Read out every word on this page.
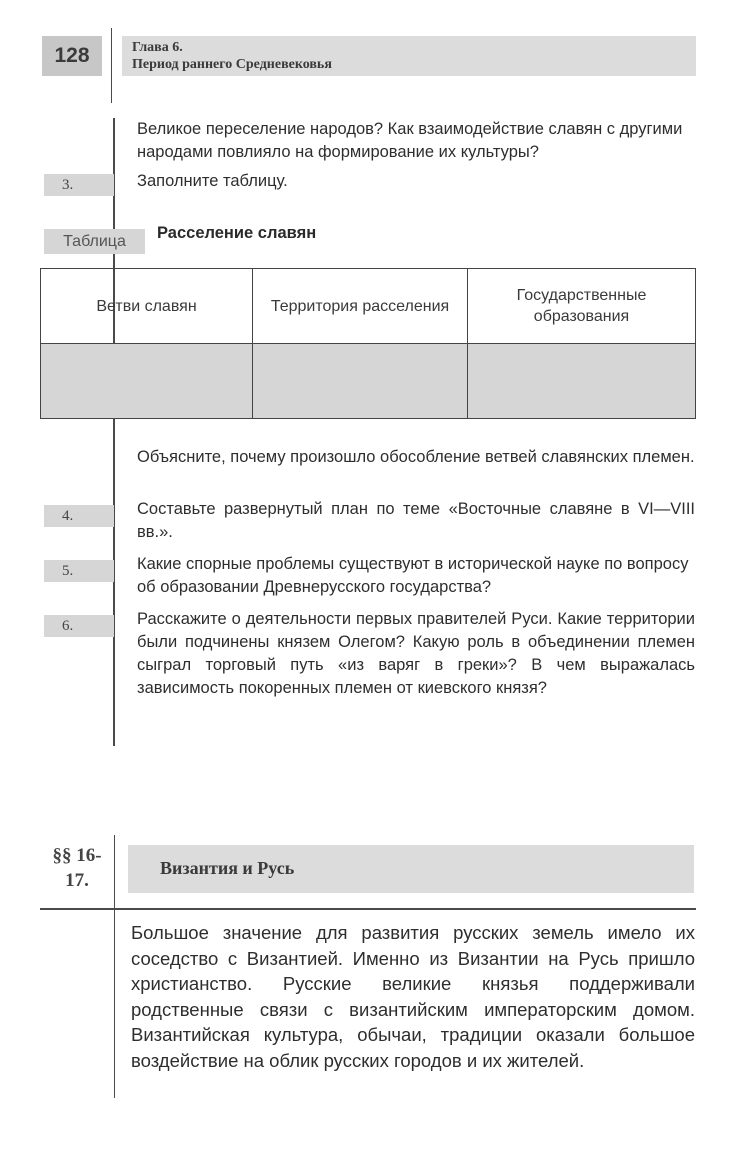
128	Глава 6.
Период раннего Средневековья
Великое переселение народов? Как взаимодействие славян с другими народами повлияло на формирование их культуры?
3.	Заполните таблицу.
Таблица	Расселение славян
Ветви славян	Территория расселения	Государственные образования

Объясните, почему произошло обособление ветвей славянских племен.
4.	Составьте развернутый план по теме «Восточные славяне в VI—VIII вв.».
5.	Какие спорные проблемы существуют в исторической науке по вопросу об образовании Древнерусского государства?
6.	Расскажите о деятельности первых правителей Руси. Какие территории были подчинены князем Олегом? Какую роль в объединении племен сыграл торговый путь «из варяг в греки»? В чем выражалась зависимость покоренных племен от киевского князя?
§§ 16-
17.
Византия и Русь
Большое значение для развития русских земель имело их соседство с Византией. Именно из Византии на Русь пришло христианство. Русские великие князья поддерживали родственные связи с византийским императорским домом. Византийская культура, обычаи, традиции оказали большое воздействие на облик русских городов и их жителей.
